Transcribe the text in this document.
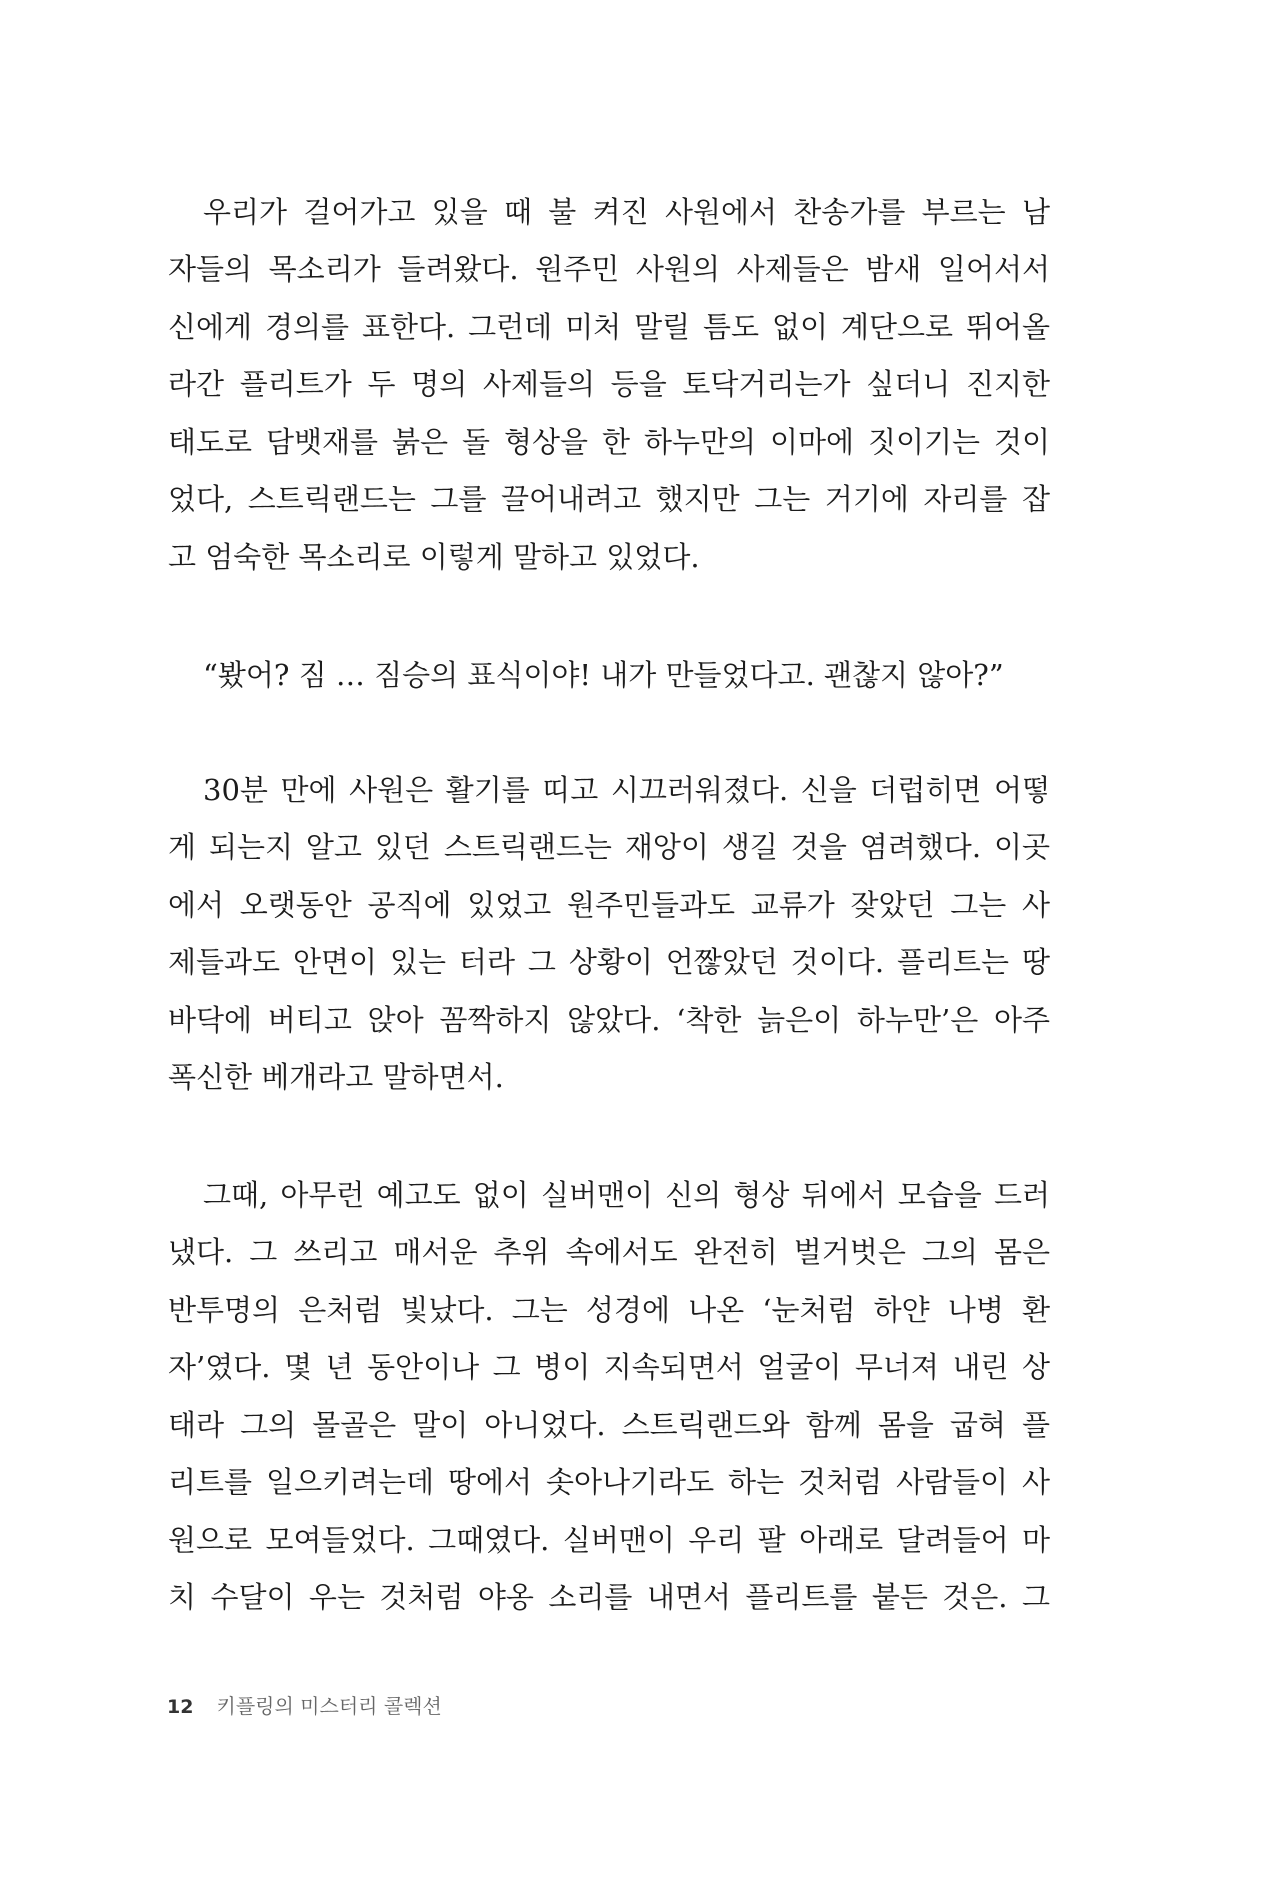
우리가 걸어가고 있을 때 불 켜진 사원에서 찬송가를 부르는 남
자들의 목소리가 들려왔다. 원주민 사원의 사제들은 밤새 일어서서
신에게 경의를 표한다. 그런데 미처 말릴 틈도 없이 계단으로 뛰어올
라간 플리트가 두 명의 사제들의 등을 토닥거리는가 싶더니 진지한
태도로 담뱃재를 붉은 돌 형상을 한 하누만의 이마에 짓이기는 것이
었다, 스트릭랜드는 그를 끌어내려고 했지만 그는 거기에 자리를 잡
고 엄숙한 목소리로 이렇게 말하고 있었다.
“봤어? 짐 … 짐승의 표식이야! 내가 만들었다고. 괜찮지 않아?”
30분 만에 사원은 활기를 띠고 시끄러워졌다. 신을 더럽히면 어떻
게 되는지 알고 있던 스트릭랜드는 재앙이 생길 것을 염려했다. 이곳
에서 오랫동안 공직에 있었고 원주민들과도 교류가 잦았던 그는 사
제들과도 안면이 있는 터라 그 상황이 언짢았던 것이다. 플리트는 땅
바닥에 버티고 앉아 꼼짝하지 않았다. ‘착한 늙은이 하누만’은 아주
폭신한 베개라고 말하면서.
그때, 아무런 예고도 없이 실버맨이 신의 형상 뒤에서 모습을 드러
냈다. 그 쓰리고 매서운 추위 속에서도 완전히 벌거벗은 그의 몸은
반투명의 은처럼 빛났다. 그는 성경에 나온 ‘눈처럼 하얀 나병 환
자’였다. 몇 년 동안이나 그 병이 지속되면서 얼굴이 무너져 내린 상
태라 그의 몰골은 말이 아니었다. 스트릭랜드와 함께 몸을 굽혀 플
리트를 일으키려는데 땅에서 솟아나기라도 하는 것처럼 사람들이 사
원으로 모여들었다. 그때였다. 실버맨이 우리 팔 아래로 달려들어 마
치 수달이 우는 것처럼 야옹 소리를 내면서 플리트를 붙든 것은. 그
12 키플링의 미스터리 콜렉션
